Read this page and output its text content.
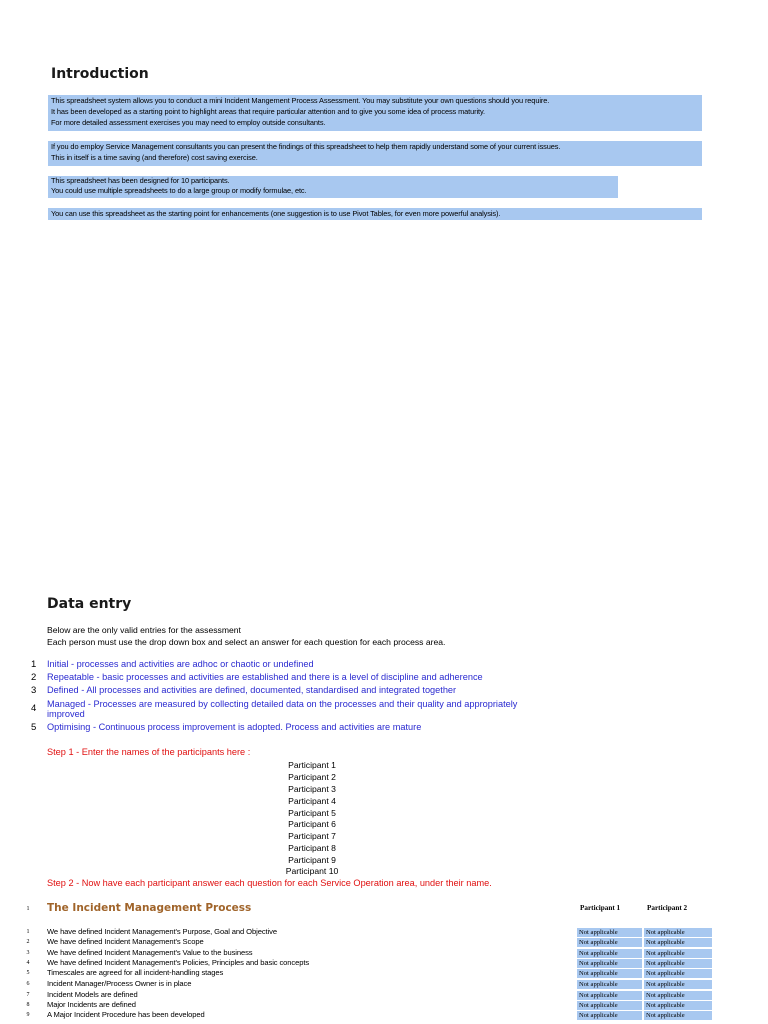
Introduction
This spreadsheet system allows you to conduct a mini Incident Mangement Process Assessment. You may substitute your own questions should you require.
It has been developed as a starting point to highlight areas that require particular attention and to give you some idea of process maturity.
For more detailed assessment exercises you may need to employ outside consultants.
If you do employ Service Management consultants you can present the findings of this spreadsheet to help them rapidly understand some of your current issues.
This in itself is a time saving (and therefore) cost saving exercise.
This spreadsheet has been designed for 10 participants.
You could use multiple spreadsheets to do a large group or modify formulae, etc.
You can use this spreadsheet as the starting point for enhancements (one suggestion is to use Pivot Tables, for even more powerful analysis).
Data entry
Below are the only valid entries for the assessment
Each person must use the drop down box and select an answer for each question for each process area.
1 Initial - processes and activities are adhoc or chaotic or undefined
2 Repeatable - basic processes and activities are established and there is a level of discipline and adherence
3 Defined - All processes and activities are defined, documented, standardised and integrated together
4 Managed - Processes are measured by collecting detailed data on the processes and their quality and appropriately
improved
5 Optimising - Continuous process improvement is adopted. Process and activities are mature
Step 1 - Enter the names of the participants here :
Participant 1
Participant 2
Participant 3
Participant 4
Participant 5
Participant 6
Participant 7
Participant 8
Participant 9
Participant 10
Step 2 - Now have each participant answer each question for each Service Operation area, under their name.
1 The Incident Management Process	Participant 1	Participant 2
1	We have defined Incident Management's Purpose, Goal and Objective	Not applicable	Not applicable
2	We have defined Incident Management's Scope	Not applicable	Not applicable
3	We have defined Incident Management's Value to the business	Not applicable	Not applicable
4	We have defined Incident Management's Policies, Principles and basic concepts	Not applicable	Not applicable
5	Timescales are agreed for all incident-handling stages	Not applicable	Not applicable
6	Incident Manager/Process Owner is in place	Not applicable	Not applicable
7	Incident Models are defined	Not applicable	Not applicable
8	Major Incidents are defined	Not applicable	Not applicable
9	A Major Incident Procedure has been developed	Not applicable	Not applicable
